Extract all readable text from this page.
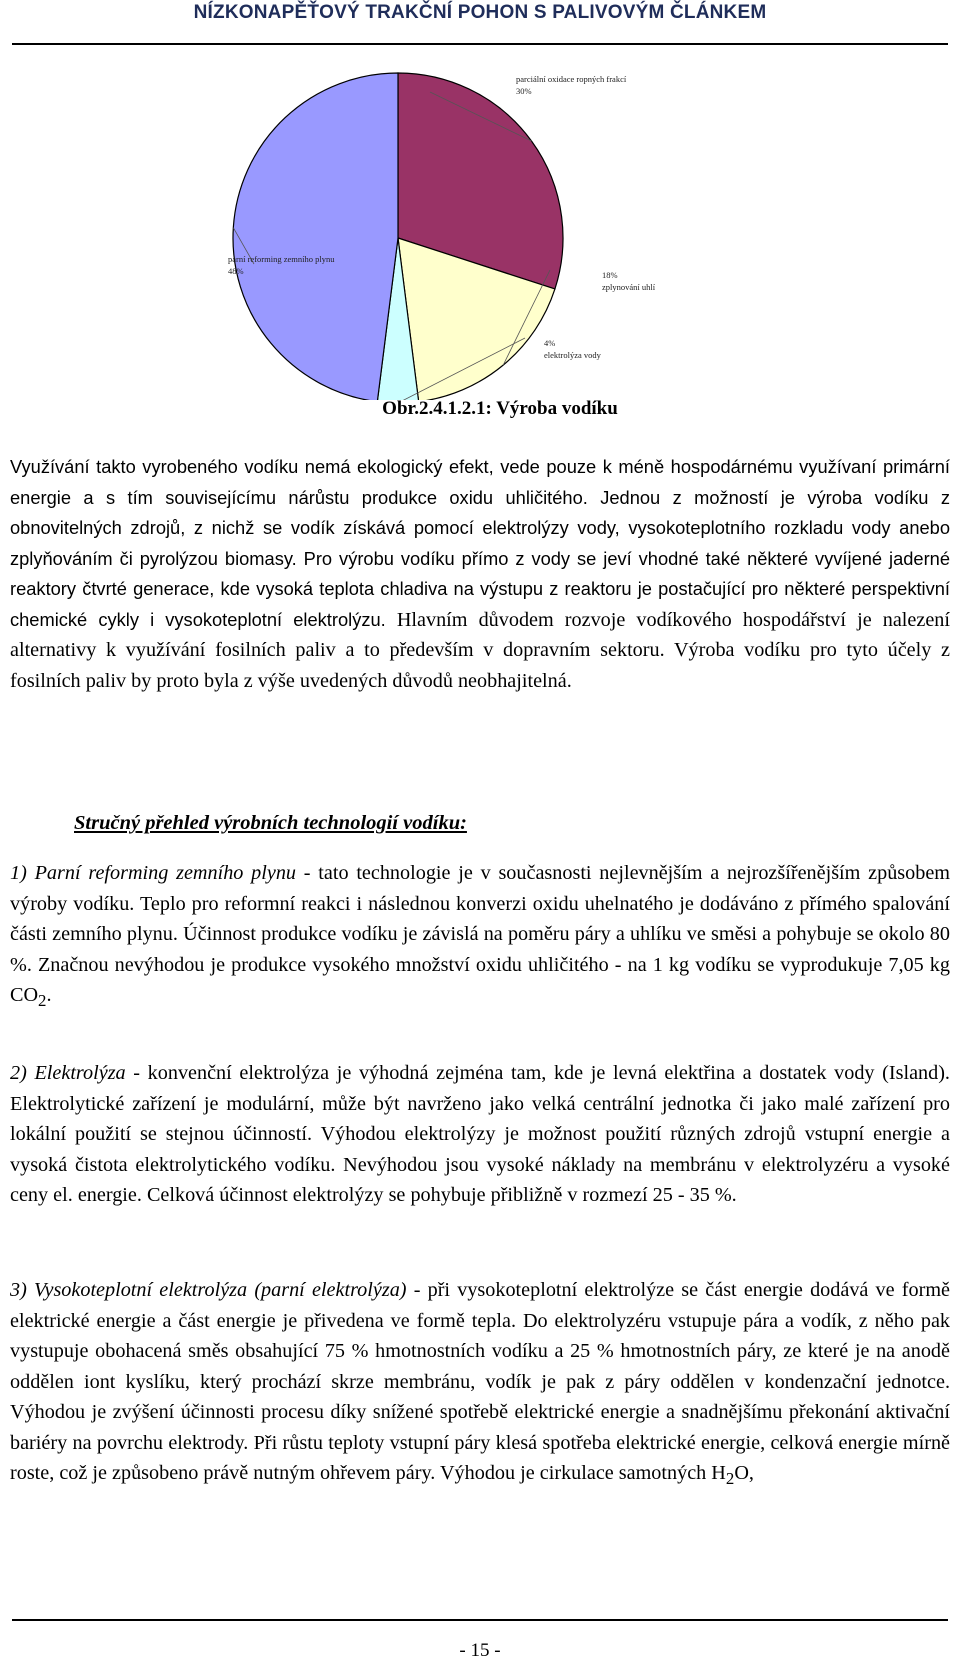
NÍZKONAPĚŤOVÝ TRAKČNÍ POHON S PALIVOVÝM ČLÁNKEM
parciální oxidace ropných frakcí
30%
zplynování uhlí
18%
elektrolýza vody
4%
parní reforming zemního plynu
48%
Obr.2.4.1.2.1: Výroba vodíku

Využívání takto vyrobeného vodíku nemá ekologický efekt, vede pouze k méně hospodárnému využívaní primární energie a s tím souvisejícímu nárůstu produkce oxidu uhličitého. Jednou z možností je výroba vodíku z obnovitelných zdrojů, z nichž se vodík získává pomocí elektrolýzy vody, vysokoteplotního rozkladu vody anebo zplyňováním či pyrolýzou biomasy. Pro výrobu vodíku přímo z vody se jeví vhodné také některé vyvíjené jaderné reaktory čtvrté generace, kde vysoká teplota chladiva na výstupu z reaktoru je postačující pro některé perspektivní chemické cykly i vysokoteplotní elektrolýzu. Hlavním důvodem rozvoje vodíkového hospodářství je nalezení alternativy k využívání fosilních paliv a to především v dopravním sektoru. Výroba vodíku pro tyto účely z fosilních paliv by proto byla z výše uvedených důvodů neobhajitelná.

Stručný přehled výrobních technologií vodíku:

1) Parní reforming zemního plynu - tato technologie je v současnosti nejlevnějším a nejrozšířenějším způsobem výroby vodíku. Teplo pro reformní reakci i následnou konverzi oxidu uhelnatého je dodáváno z přímého spalování části zemního plynu. Účinnost produkce vodíku je závislá na poměru páry a uhlíku ve směsi a pohybuje se okolo 80 %. Značnou nevýhodou je produkce vysokého množství oxidu uhličitého - na 1 kg vodíku se vyprodukuje 7,05 kg $CO_2$.

2) Elektrolýza - konvenční elektrolýza je výhodná zejména tam, kde je levná elektřina a dostatek vody (Island). Elektrolytické zařízení je modulární, může být navrženo jako velká centrální jednotka či jako malé zařízení pro lokální použití se stejnou účinností. Výhodou elektrolýzy je možnost použití různých zdrojů vstupní energie a vysoká čistota elektrolytického vodíku. Nevýhodou jsou vysoké náklady na membránu v elektrolyzéru a vysoké ceny el. energie. Celková účinnost elektrolýzy se pohybuje přibližně v rozmezí 25 - 35 %.

3) Vysokoteplotní elektrolýza (parní elektrolýza) - při vysokoteplotní elektrolýze se část energie dodává ve formě elektrické energie a část energie je přivedena ve formě tepla. Do elektrolyzéru vstupuje pára a vodík, z něho pak vystupuje obohacená směs obsahující 75 % hmotnostních vodíku a 25 % hmotnostních páry, ze které je na anodě oddělen iont kyslíku, který prochází skrze membránu, vodík je pak z páry oddělen v kondenzační jednotce. Výhodou je zvýšení účinnosti procesu díky snížené spotřebě elektrické energie a snadnějšímu překonání aktivační bariéry na povrchu elektrody. Při růstu teploty vstupní páry klesá spotřeba elektrické energie, celková energie mírně roste, což je způsobeno právě nutným ohřevem páry. Výhodou je cirkulace samotných $H_2O$,

- 15 -
